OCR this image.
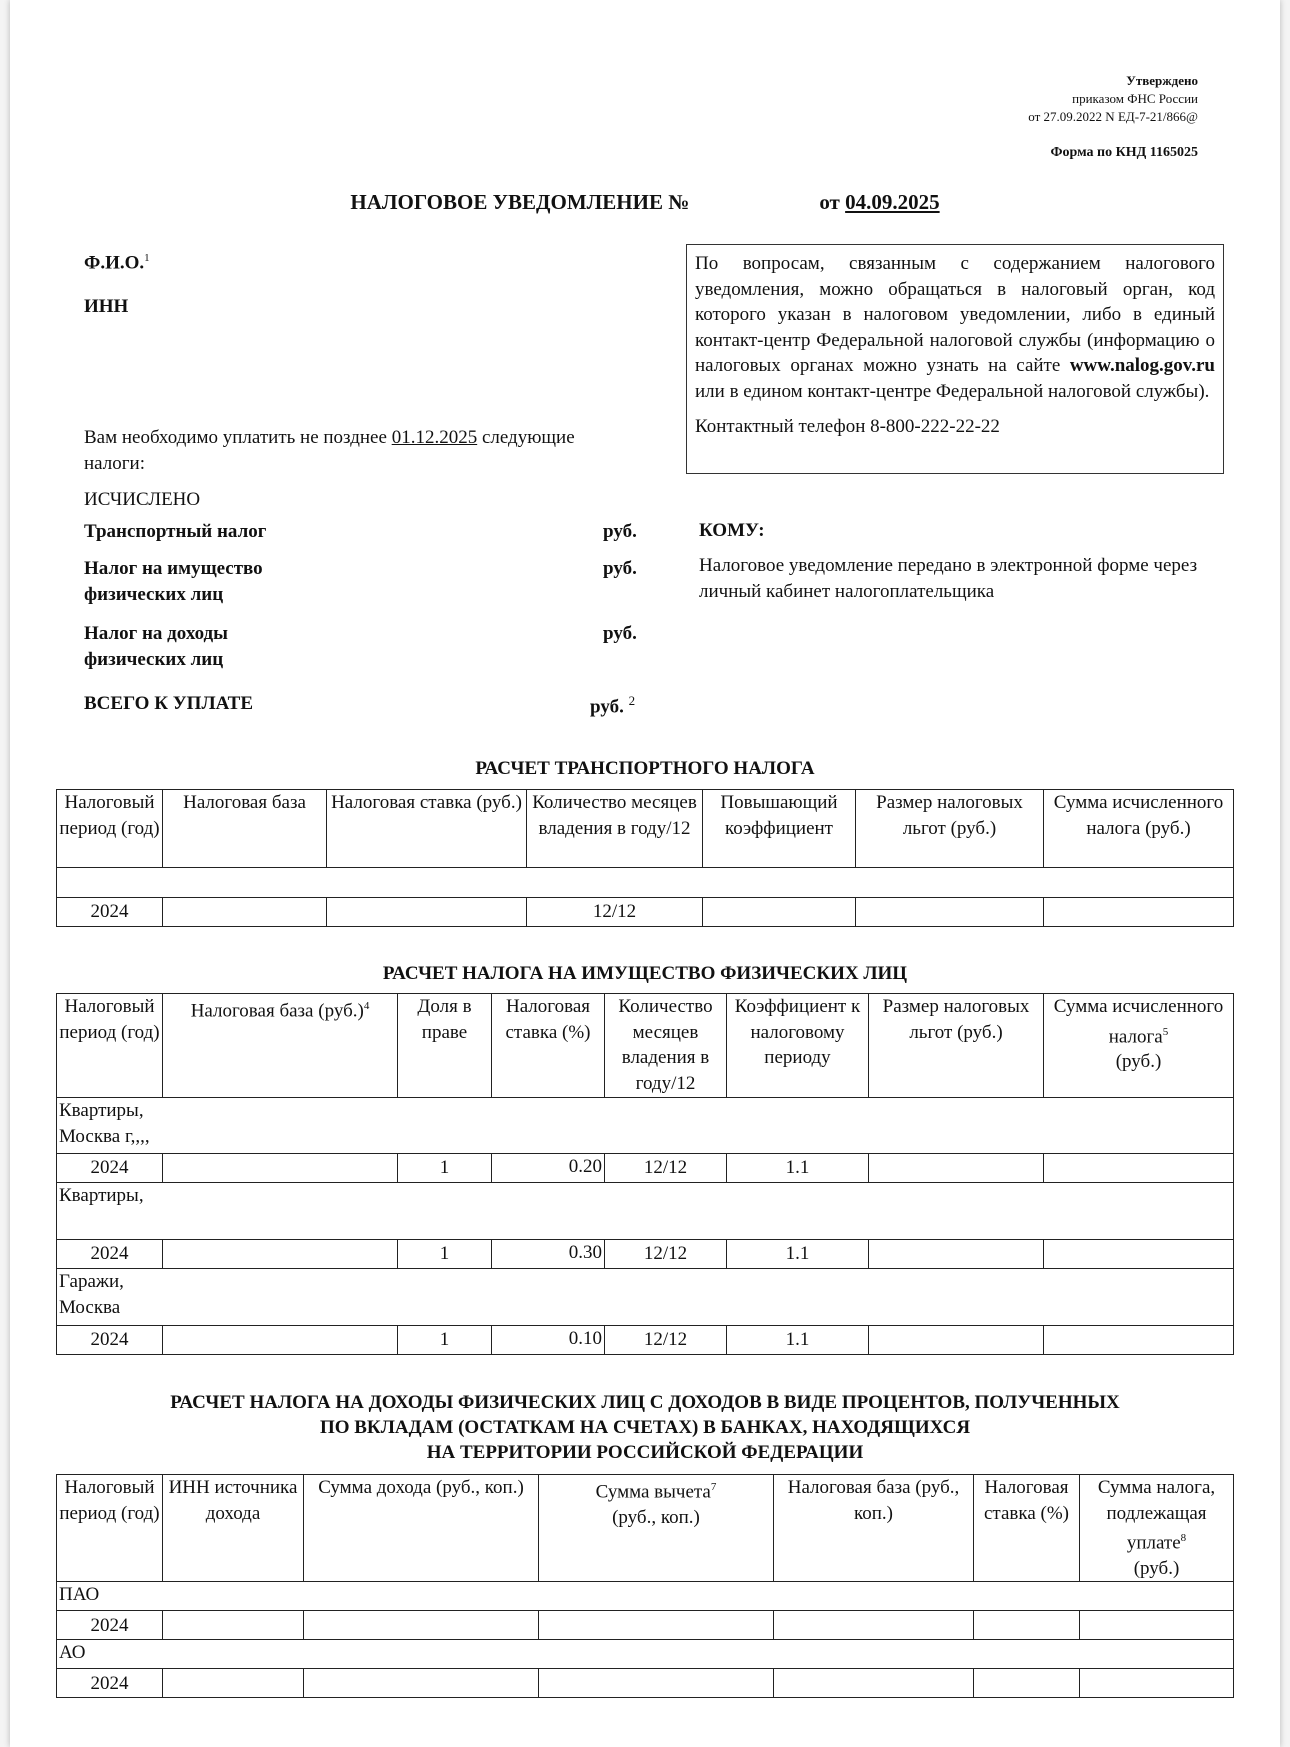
Утверждено
приказом ФНС России
от 27.09.2022 N ЕД-7-21/866@
Форма по КНД 1165025
НАЛОГОВОЕ УВЕДОМЛЕНИЕ №	от 04.09.2025
Ф.И.О.$^1$
ИНН
Вам необходимо уплатить не позднее 01.12.2025 следующие
налоги:
ИСЧИСЛЕНО
Транспортный налог	руб.
Налог на имущество
физических лиц
руб.
Налог на доходы
физических лиц
руб.
ВСЕГО К УПЛАТЕ	руб. $^2$

По вопросам, связанным с содержанием налогового уведомления, можно обращаться в налоговый орган, код которого указан в налоговом уведомлении, либо в единый контакт-центр Федеральной налоговой службы (информацию о налоговых органах можно узнать на сайте www.nalog.gov.ru или в едином контакт-центре Федеральной налоговой службы).

Контактный телефон 8-800-222-22-22

КОМУ:
Налоговое уведомление передано в электронной форме через личный кабинет налогоплательщика
РАСЧЕТ ТРАНСПОРТНОГО НАЛОГА
Налоговый период (год)	Налоговая база	Налоговая ставка (руб.)	Количество месяцев владения в году/12	Повышающий коэффициент	Размер налоговых льгот (руб.)	Сумма исчисленного налога (руб.)

2024			12/12			
РАСЧЕТ НАЛОГА НА ИМУЩЕСТВО ФИЗИЧЕСКИХ ЛИЦ
Налоговый период (год)	Налоговая база $(руб.)^4$	Доля в праве	Налоговая ставка (%)	Количество месяцев владения в году/12	Коэффициент к налоговому периоду	Размер налоговых льгот (руб.)	Сумма исчисленного налога$^5$
(руб.)
Квартиры,
Москва г,,,,							
2024		1	0.20	12/12	1.1		
Квартиры,							

2024		1	0.30	12/12	1.1		
Гаражи,
Москва							
2024		1	0.10	12/12	1.1		
РАСЧЕТ НАЛОГА НА ДОХОДЫ ФИЗИЧЕСКИХ ЛИЦ С ДОХОДОВ В ВИДЕ ПРОЦЕНТОВ, ПОЛУЧЕННЫХ
ПО ВКЛАДАМ (ОСТАТКАМ НА СЧЕТАХ) В БАНКАХ, НАХОДЯЩИХСЯ
НА ТЕРРИТОРИИ РОССИЙСКОЙ ФЕДЕРАЦИИ
Налоговый период (год)	ИНН источника дохода	Сумма дохода (руб., коп.)	Сумма вычета$^7$
(руб., коп.)	Налоговая база (руб., коп.)	Налоговая ставка (%)	Сумма налога, подлежащая уплате$^8$
(руб.)
ПАО						
2024						
АО						
2024						
